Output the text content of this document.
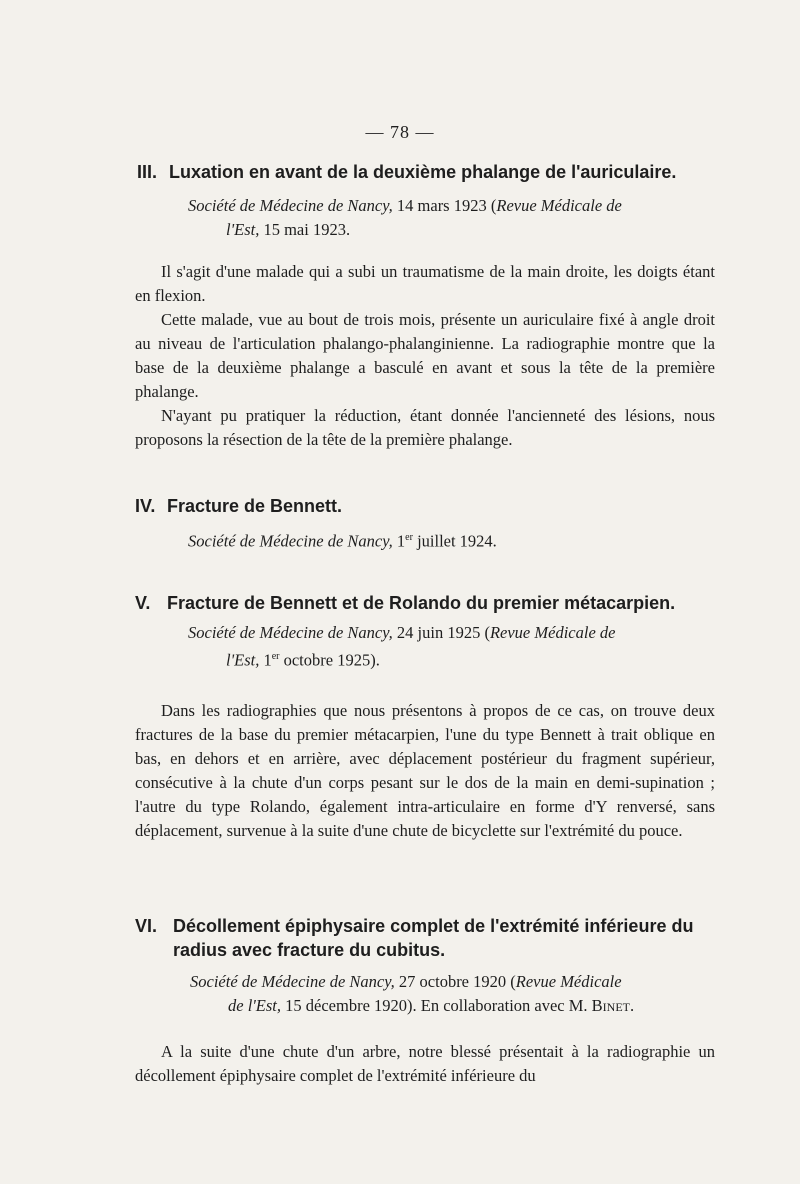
— 78 —
III. Luxation en avant de la deuxième phalange de l'auriculaire.
Société de Médecine de Nancy, 14 mars 1923 (Revue Médicale de
l'Est, 15 mai 1923.

Il s'agit d'une malade qui a subi un traumatisme de la main droite, les doigts étant en flexion.

Cette malade, vue au bout de trois mois, présente un auriculaire fixé à angle droit au niveau de l'articulation phalango-phalanginienne. La radiographie montre que la base de la deuxième phalange a basculé en avant et sous la tête de la première phalange.

N'ayant pu pratiquer la réduction, étant donnée l'ancienneté des lésions, nous proposons la résection de la tête de la première phalange.

IV. Fracture de Bennett.
Société de Médecine de Nancy, 1er juillet 1924.
V. Fracture de Bennett et de Rolando du premier métacarpien.
Société de Médecine de Nancy, 24 juin 1925 (Revue Médicale de
l'Est, 1er octobre 1925).

Dans les radiographies que nous présentons à propos de ce cas, on trouve deux fractures de la base du premier métacarpien, l'une du type Bennett à trait oblique en bas, en dehors et en arrière, avec déplacement postérieur du fragment supérieur, consécutive à la chute d'un corps pesant sur le dos de la main en demi-supination ; l'autre du type Rolando, également intra-articulaire en forme d'Y renversé, sans déplacement, survenue à la suite d'une chute de bicyclette sur l'extrémité du pouce.

VI. Décollement épiphysaire complet de l'extrémité inférieure du radius avec fracture du cubitus.
Société de Médecine de Nancy, 27 octobre 1920 (Revue Médicale
de l'Est, 15 décembre 1920). En collaboration avec M. Binet.

A la suite d'une chute d'un arbre, notre blessé présentait à la radiographie un décollement épiphysaire complet de l'extrémité inférieure du
